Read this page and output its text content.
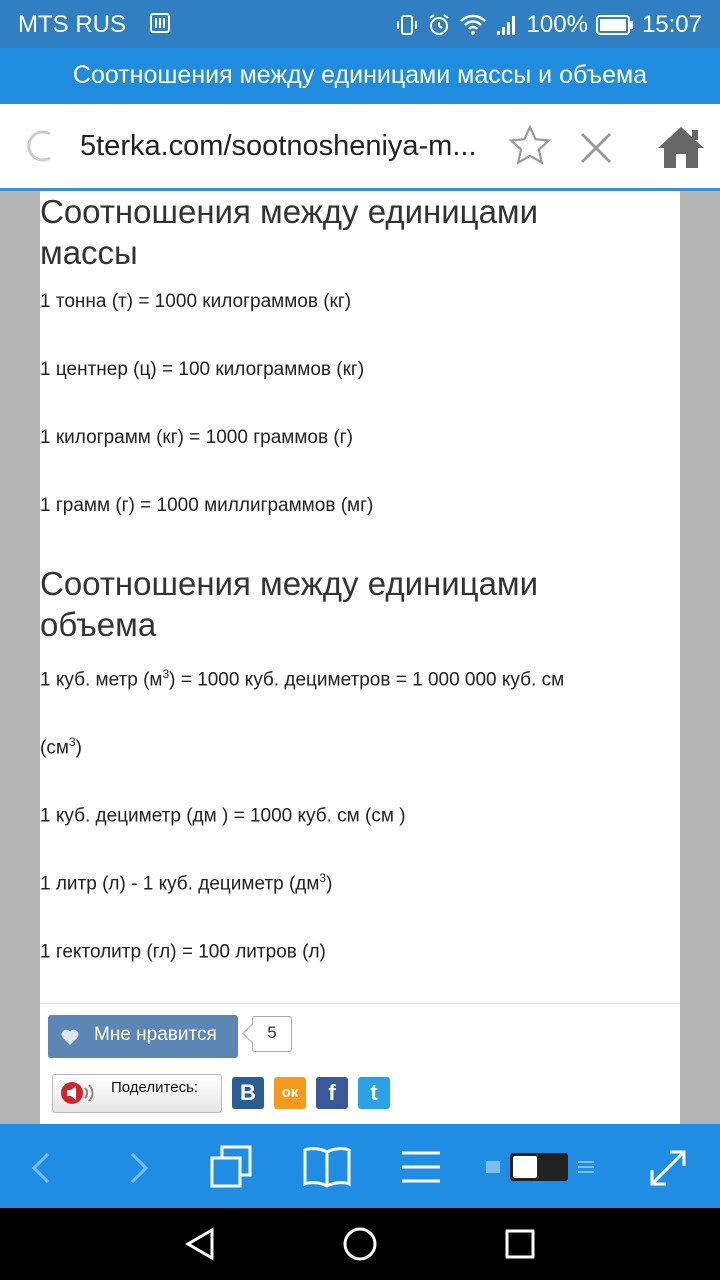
MTS RUS	100% 15:07
Соотношения между единицами массы и объема
5terka.com/sootnosheniya-m...
Соотношения между единицами
массы
1 тонна (т) = 1000 килограммов (кг)
1 центнер (ц) = 100 килограммов (кг)
1 килограмм (кг) = 1000 граммов (г)
1 грамм (г) = 1000 миллиграммов (мг)
Соотношения между единицами
объема
1 куб. метр $(м^3) = 1000$ куб. дециметров = 1 000 000 куб. см
$(см^3)$
1 куб. дециметр (дм ) = 1000 куб. см (см )
1 литр (л) - 1 куб. дециметр $(дм^3)$
1 гектолитр (гл) = 100 литров (л)
Мне нравится	5
Поделитесь:	B	ок	f	t
